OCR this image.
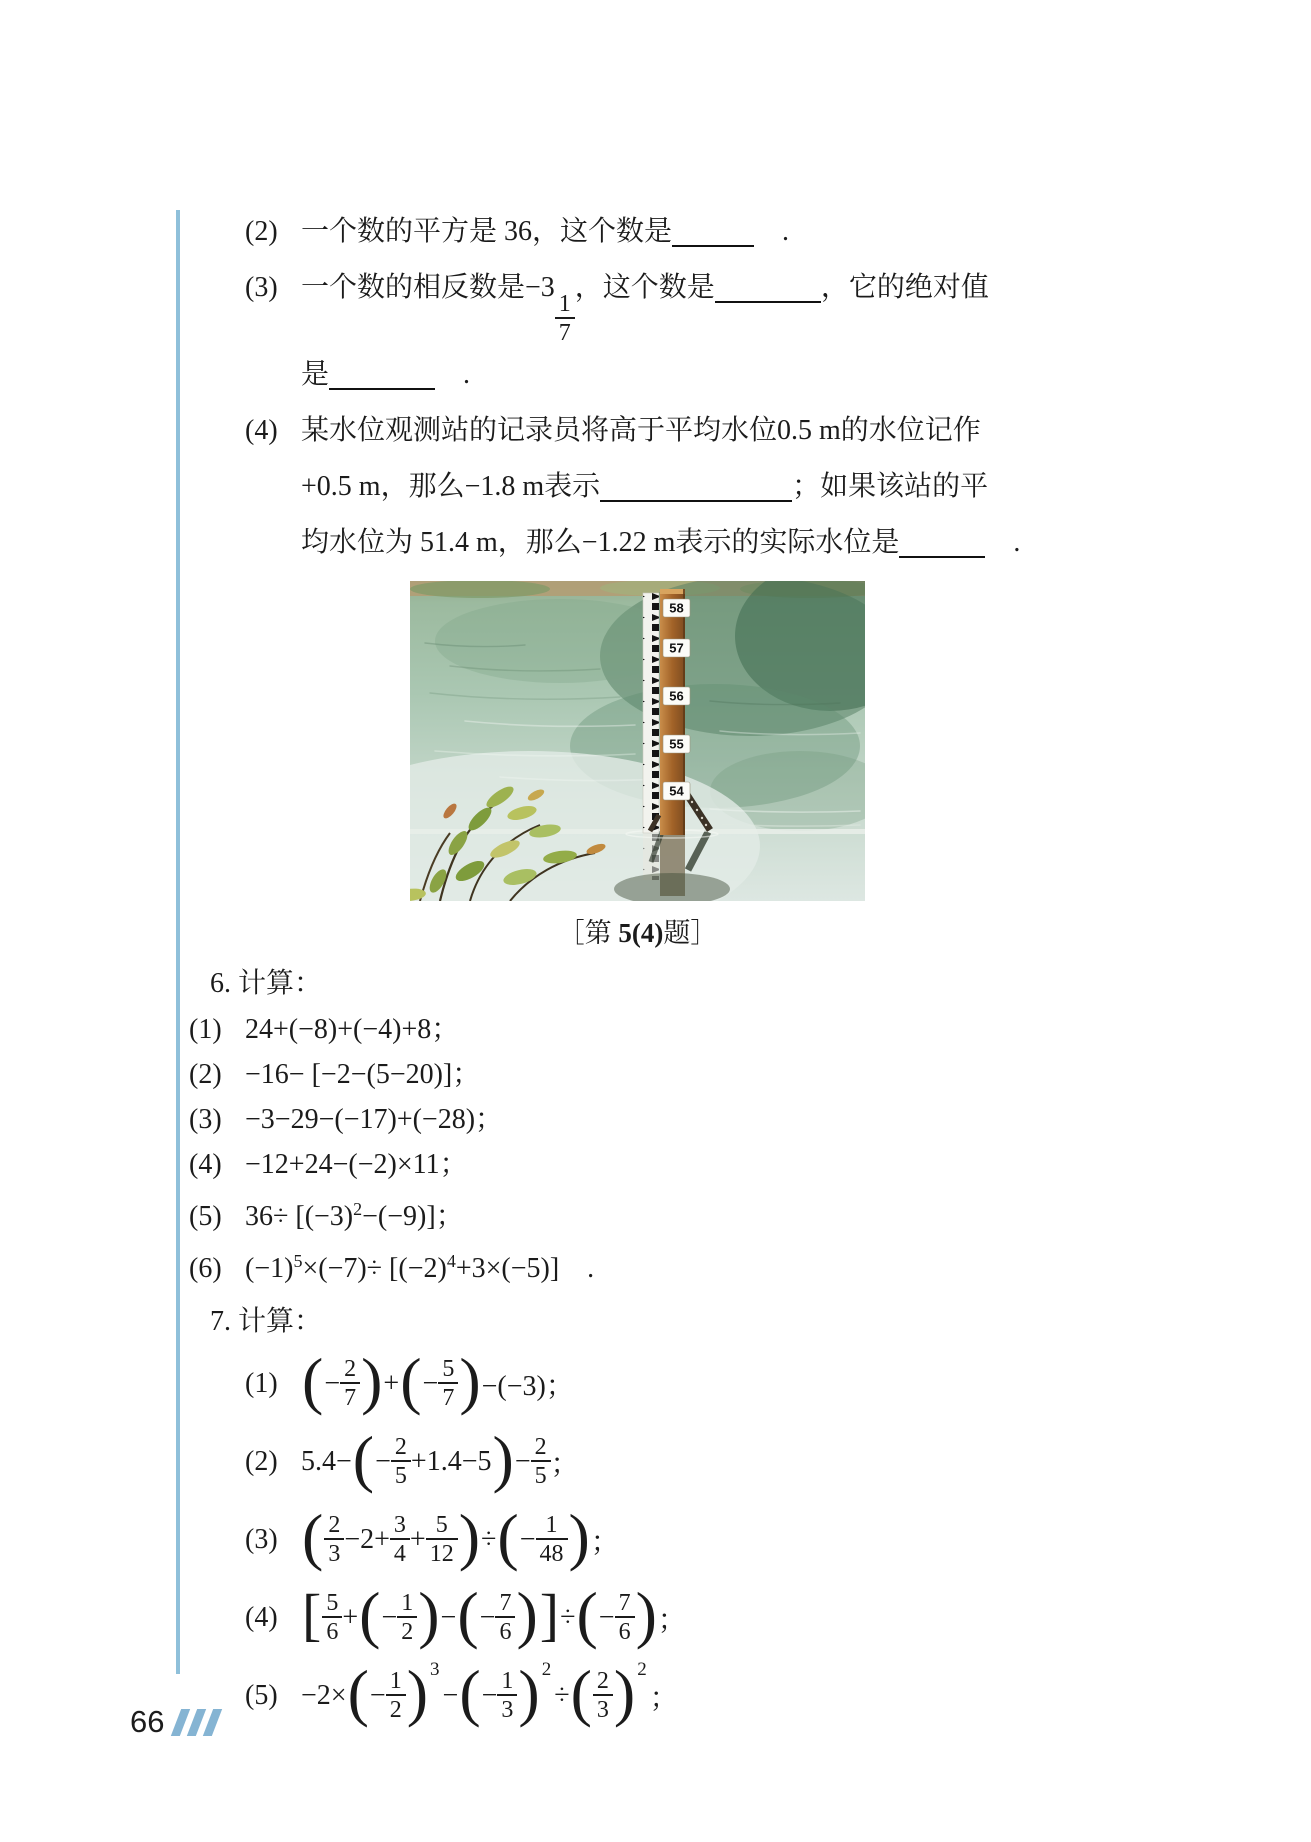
(2) 一个数的平方是 36，这个数是	　.
(3) 一个数的相反数是−3
$\frac{1}{7}$
，这个数是	，它的绝对值
是	　.
(4) 某水位观测站的记录员将高于平均水位0.5 m的水位记作
+0.5 m，那么−1.8 m表示	；如果该站的平
均水位为 51.4 m，那么−1.22 m表示的实际水位是	　.
58
57
56
55
54
［第 5(4)题］
6. 计算：
(1) 24+(−8)+(−4)+8；
(2) −16− [−2−(5−20)]；
(3) −3−29−(−17)+(−28)；
(4) −12+24−(−2)×11；
(5) $36\div [(-3)^2-(-9)]$；
(6) $(-1)^5\times(-7)\div [(-2)^4+3\times(-5)]$　.
7. 计算：
(1) ( − $\frac{2}{7}$ ) + ( − $\frac{5}{7}$ ) −(−3)；
(2) 5.4− ( − $\frac{2}{5} +1.4-5$ ) − $\frac{2}{5}$ ；
(3) ( $\frac{2}{3} -2+ \frac{3}{4} + \frac{5}{12}$ ) ÷ ( − $\frac{1}{48}$ ) ；
(4) [ $\frac{5}{6}$ + ( − $\frac{1}{2}$ ) − ( − $\frac{7}{6}$ ) ] ÷ ( − $\frac{7}{6}$ ) ；
(5) −2× ( − $\frac{1}{2}$ ) 3
− ( − $\frac{1}{3}$ ) 2
÷ ( $\frac{2}{3}$ ) 2
；
66
